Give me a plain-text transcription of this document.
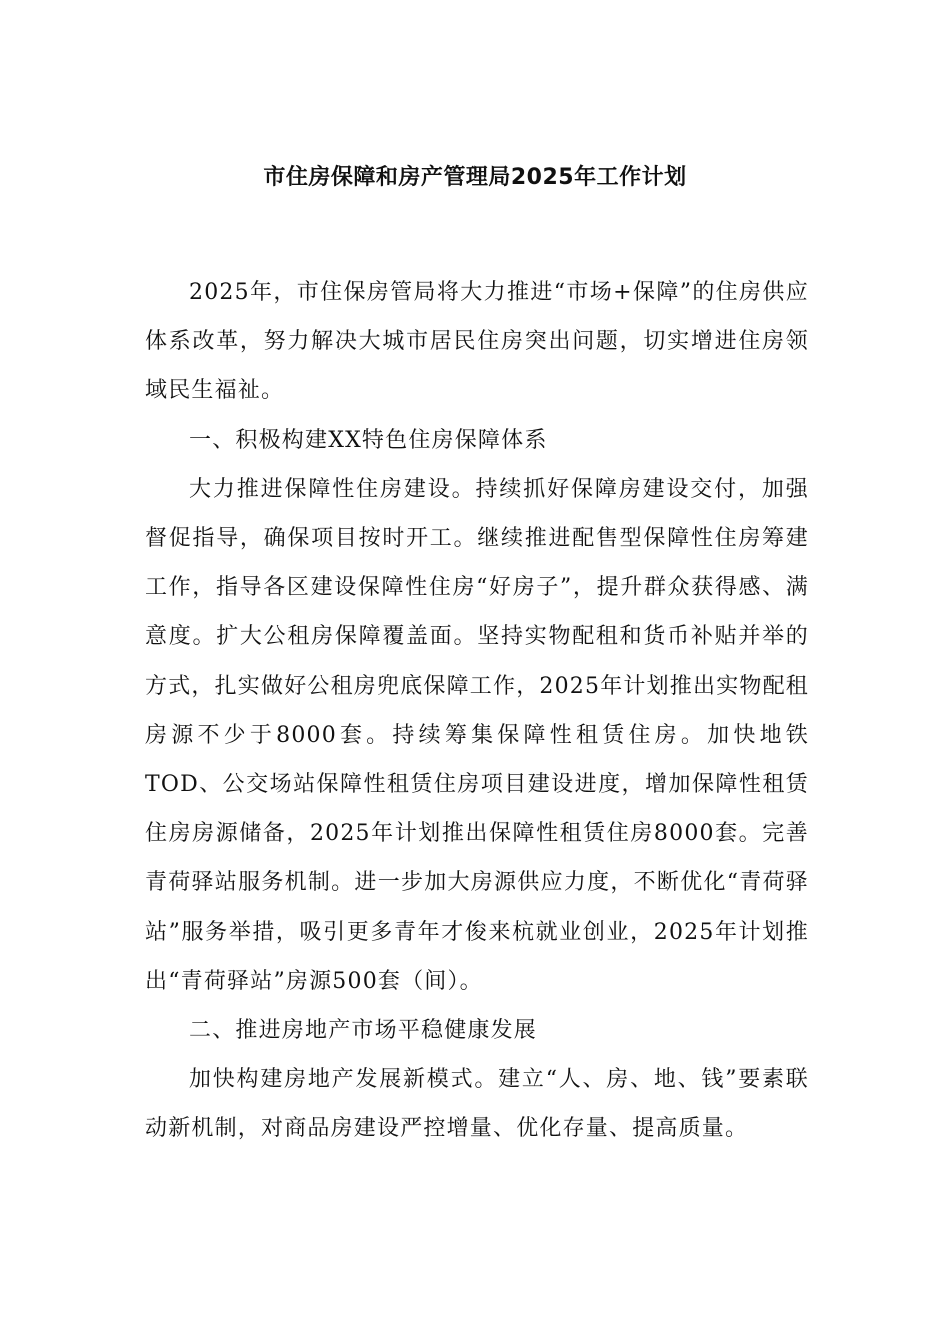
市住房保障和房产管理局2025年工作计划

2025年，市住保房管局将大力推进“市场+保障”的住房供应体系改革，努力解决大城市居民住房突出问题，切实增进住房领域民生福祉。

一、积极构建XX特色住房保障体系

大力推进保障性住房建设。持续抓好保障房建设交付，加强督促指导，确保项目按时开工。继续推进配售型保障性住房筹建工作，指导各区建设保障性住房“好房子”，提升群众获得感、满意度。扩大公租房保障覆盖面。坚持实物配租和货币补贴并举的方式，扎实做好公租房兜底保障工作，2025年计划推出实物配租房源不少于8000套。持续筹集保障性租赁住房。加快地铁TOD、公交场站保障性租赁住房项目建设进度，增加保障性租赁住房房源储备，2025年计划推出保障性租赁住房8000套。完善青荷驿站服务机制。进一步加大房源供应力度，不断优化“青荷驿站”服务举措，吸引更多青年才俊来杭就业创业，2025年计划推出“青荷驿站”房源500套（间）。

二、推进房地产市场平稳健康发展

加快构建房地产发展新模式。建立“人、房、地、钱”要素联动新机制，对商品房建设严控增量、优化存量、提高质量。
